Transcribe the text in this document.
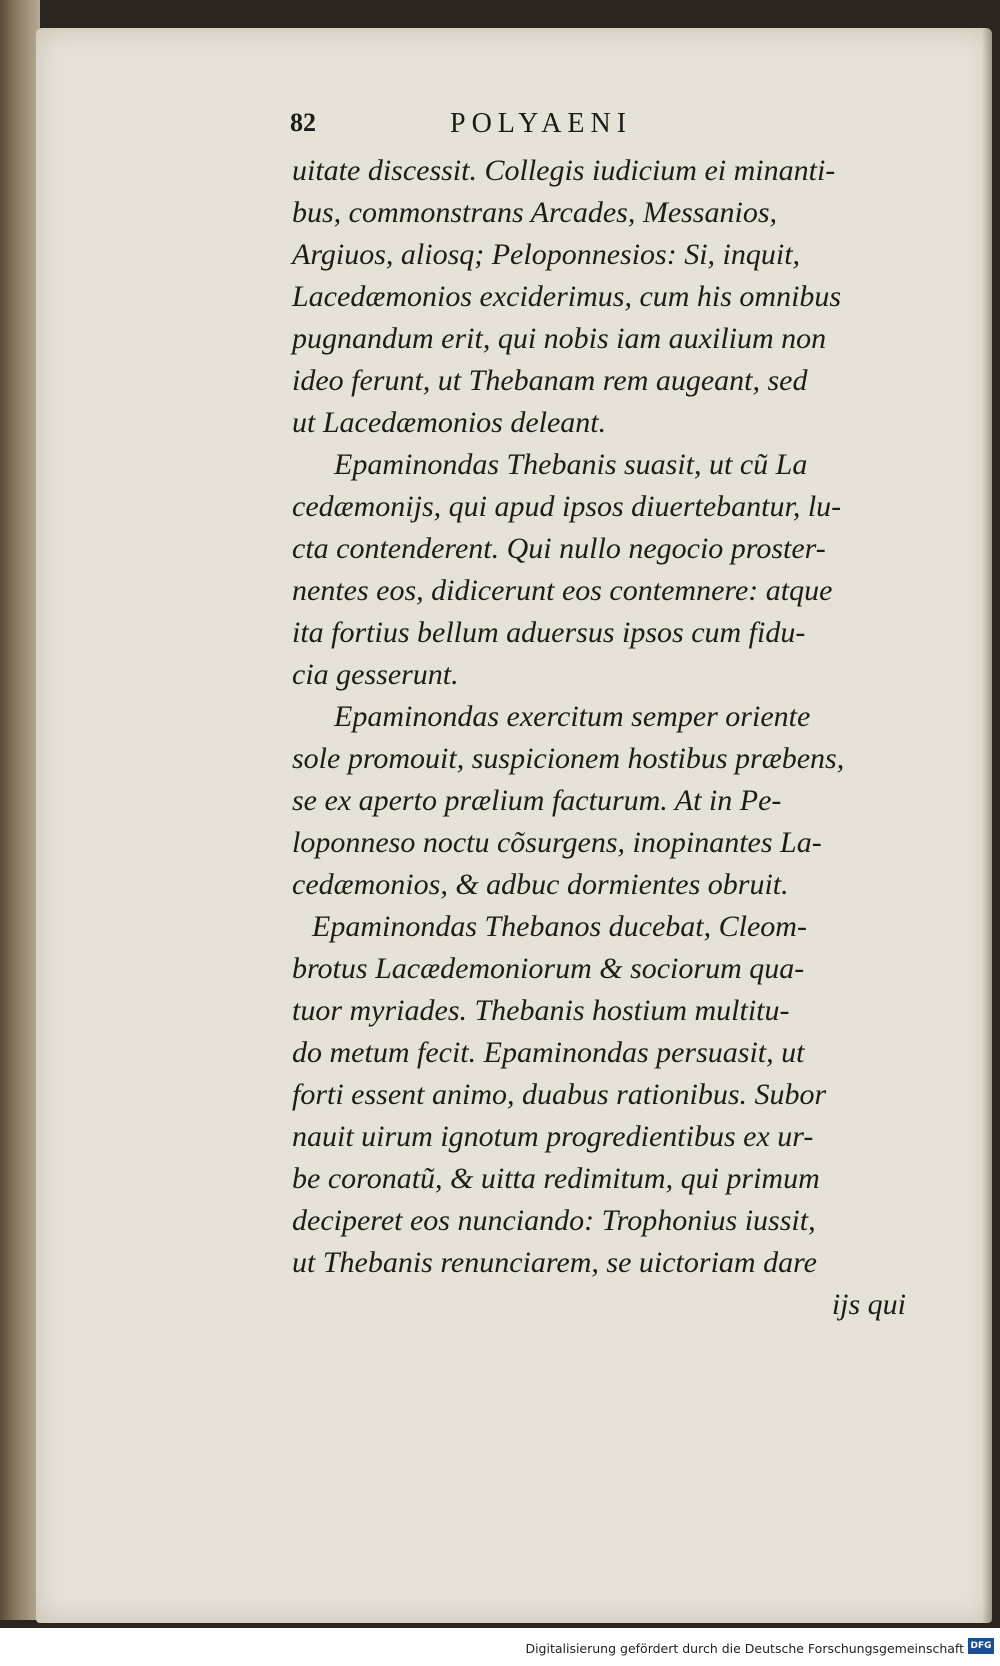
82	POLYAENI
uitate discessit. Collegis iudicium ei minanti-
bus, commonstrans Arcades, Messanios,
Argiuos, aliosq; Peloponnesios: Si, inquit,
Lacedæmonios exciderimus, cum his omnibus
pugnandum erit, qui nobis iam auxilium non
ideo ferunt, ut Thebanam rem augeant, sed
ut Lacedæmonios deleant.
Epaminondas Thebanis suasit, ut cũ La
cedæmonijs, qui apud ipsos diuertebantur, lu-
cta contenderent. Qui nullo negocio proster-
nentes eos, didicerunt eos contemnere: atque
ita fortius bellum aduersus ipsos cum fidu-
cia gesserunt.
Epaminondas exercitum semper oriente
sole promouit, suspicionem hostibus præbens,
se ex aperto prælium facturum. At in Pe-
loponneso noctu cõsurgens, inopinantes La-
cedæmonios, & adbuc dormientes obruit.
Epaminondas Thebanos ducebat, Cleom-
brotus Lacædemoniorum & sociorum qua-
tuor myriades. Thebanis hostium multitu-
do metum fecit. Epaminondas persuasit, ut
forti essent animo, duabus rationibus. Subor
nauit uirum ignotum progredientibus ex ur-
be coronatũ, & uitta redimitum, qui primum
deciperet eos nunciando: Trophonius iussit,
ut Thebanis renunciarem, se uictoriam dare
ijs qui
Digitalisierung gefördert durch die Deutsche Forschungsgemeinschaft DFG
